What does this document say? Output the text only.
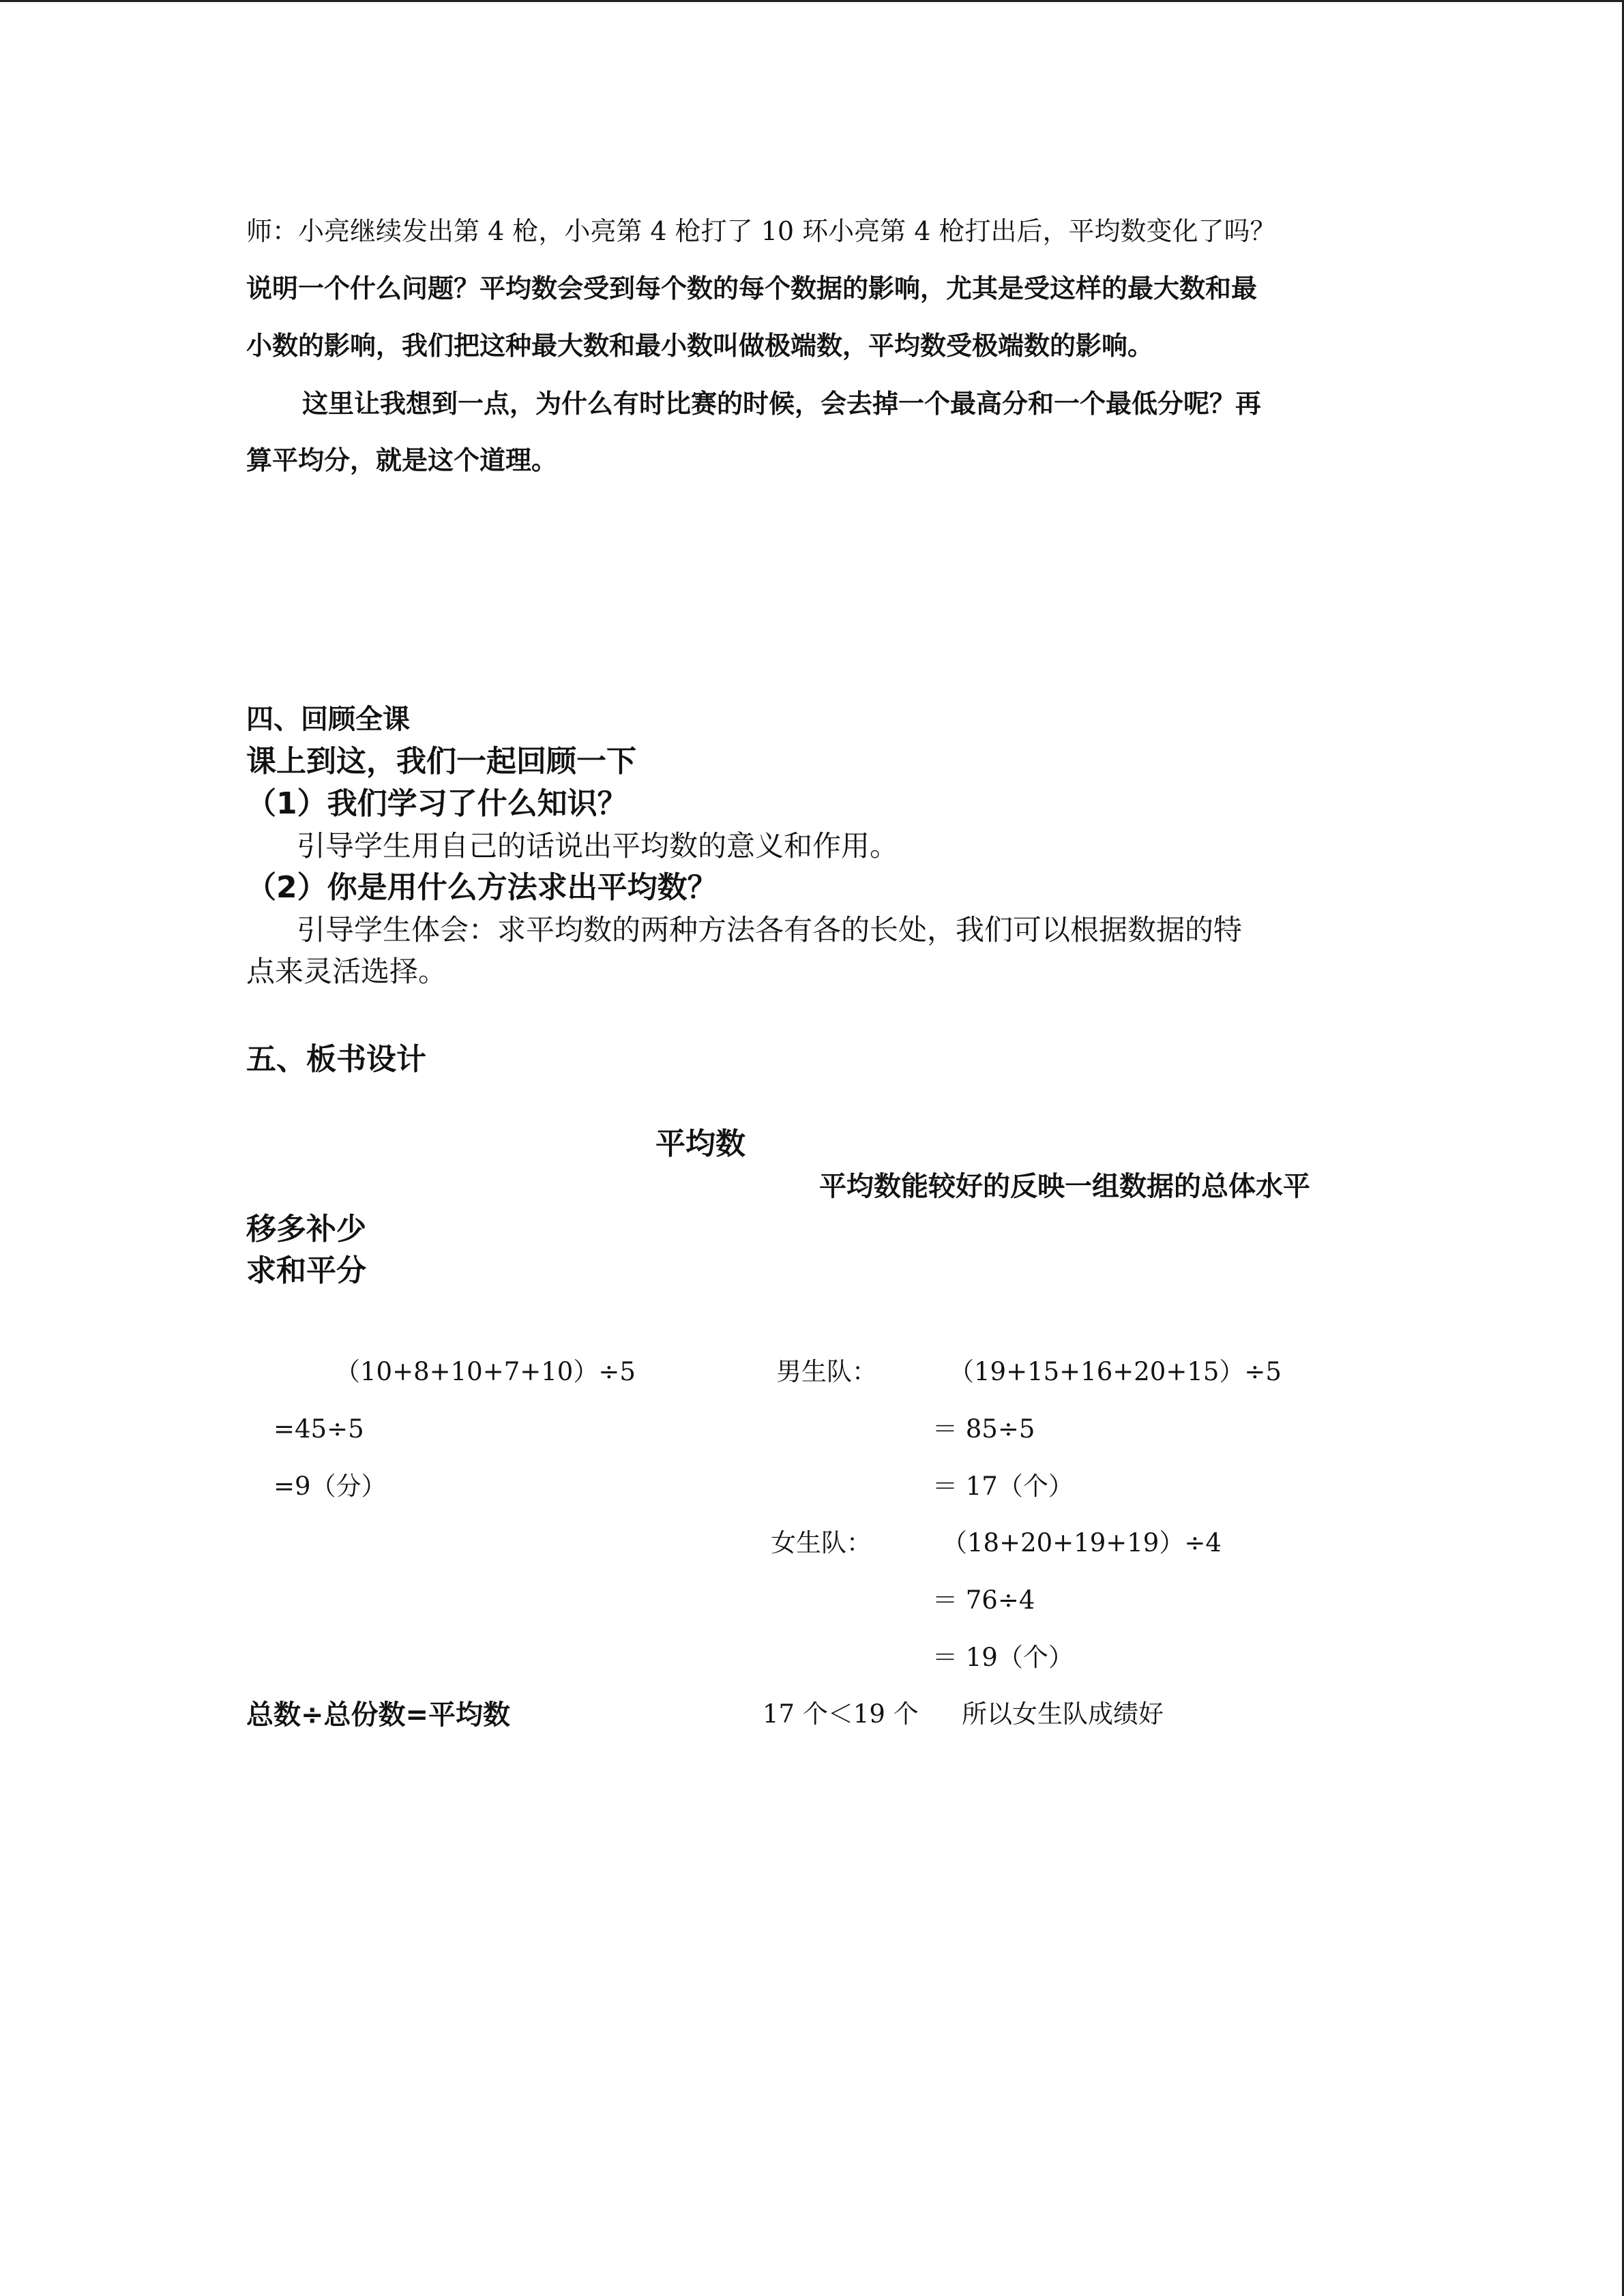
师：小亮继续发出第 4 枪，小亮第 4 枪打了 10 环小亮第 4 枪打出后，平均数变化了吗？
说明一个什么问题？平均数会受到每个数的每个数据的影响，尤其是受这样的最大数和最
小数的影响，我们把这种最大数和最小数叫做极端数，平均数受极端数的影响。
这里让我想到一点，为什么有时比赛的时候，会去掉一个最高分和一个最低分呢？再
算平均分，就是这个道理。
四、回顾全课
课上到这，我们一起回顾一下
（1）我们学习了什么知识？
引导学生用自己的话说出平均数的意义和作用。
（2）你是用什么方法求出平均数？
引导学生体会：求平均数的两种方法各有各的长处，我们可以根据数据的特
点来灵活选择。
五、板书设计
平均数
平均数能较好的反映一组数据的总体水平
移多补少
求和平分
（10+8+10+7+10）÷5
=45÷5
=9（分）
男生队：	（19+15+16+20+15）÷5
＝ 85÷5
＝ 17（个）
女生队：	（18+20+19+19）÷4
＝ 76÷4
＝ 19（个）
总数÷总份数=平均数	17 个＜19 个 所以女生队成绩好
